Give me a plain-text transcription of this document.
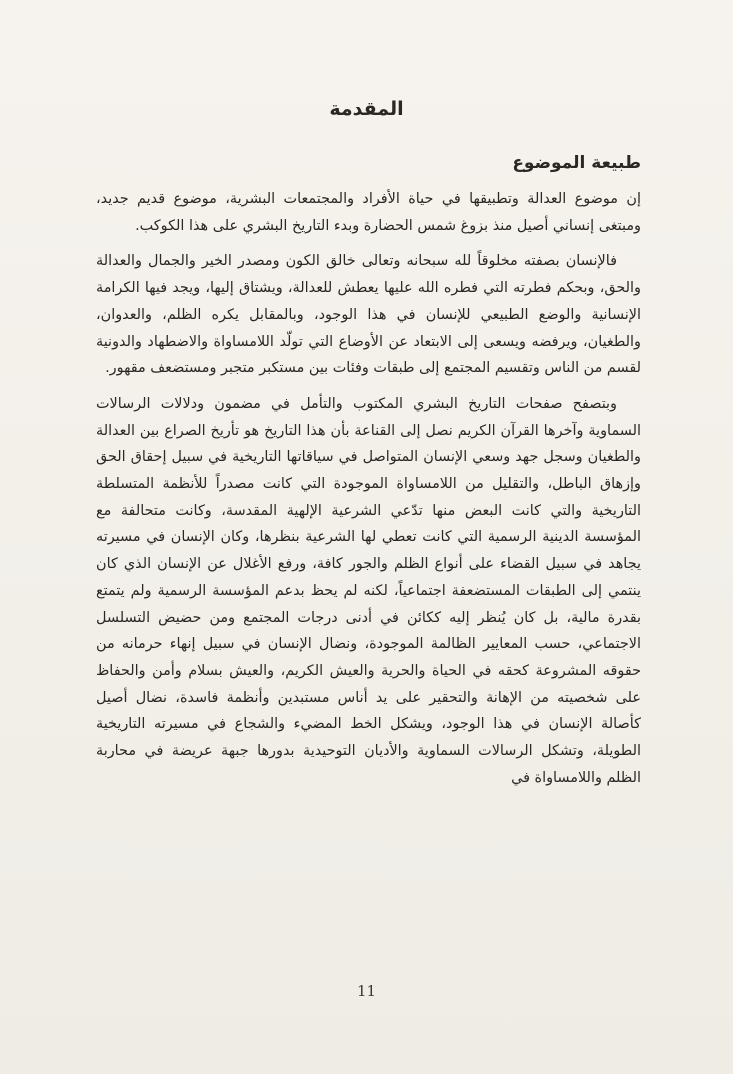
المقدمة
طبيعة الموضوع

إن موضوع العدالة وتطبيقها في حياة الأفراد والمجتمعات البشرية، موضوع قديم جديد، ومبتغى إنساني أصيل منذ بزوغ شمس الحضارة وبدء التاريخ البشري على هذا الكوكب.

فالإنسان بصفته مخلوقاً لله سبحانه وتعالى خالق الكون ومصدر الخير والجمال والعدالة والحق، وبحكم فطرته التي فطره الله عليها يعطش للعدالة، ويشتاق إليها، ويجد فيها الكرامة الإنسانية والوضع الطبيعي للإنسان في هذا الوجود، وبالمقابل يكره الظلم، والعدوان، والطغيان، ويرفضه ويسعى إلى الابتعاد عن الأوضاع التي تولّد اللامساواة والاضطهاد والدونية لقسم من الناس وتقسيم المجتمع إلى طبقات وفئات بين مستكبر متجبر ومستضعف مقهور.

وبتصفح صفحات التاريخ البشري المكتوب والتأمل في مضمون ودلالات الرسالات السماوية وآخرها القرآن الكريم نصل إلى القناعة بأن هذا التاريخ هو تأريخ الصراع بين العدالة والطغيان وسجل جهد وسعي الإنسان المتواصل في سياقاتها التاريخية في سبيل إحقاق الحق وإزهاق الباطل، والتقليل من اللامساواة الموجودة التي كانت مصدراً للأنظمة المتسلطة التاريخية والتي كانت البعض منها تدّعي الشرعية الإلهية المقدسة، وكانت متحالفة مع المؤسسة الدينية الرسمية التي كانت تعطي لها الشرعية بنظرها، وكان الإنسان في مسيرته يجاهد في سبيل القضاء على أنواع الظلم والجور كافة، ورفع الأغلال عن الإنسان الذي كان ينتمي إلى الطبقات المستضعفة اجتماعياً، لكنه لم يحظ بدعم المؤسسة الرسمية ولم يتمتع بقدرة مالية، بل كان يُنظر إليه ككائن في أدنى درجات المجتمع ومن حضيض التسلسل الاجتماعي، حسب المعايير الظالمة الموجودة، ونضال الإنسان في سبيل إنهاء حرمانه من حقوقه المشروعة كحقه في الحياة والحرية والعيش الكريم، والعيش بسلام وأمن والحفاظ على شخصيته من الإهانة والتحقير على يد أناس مستبدين وأنظمة فاسدة، نضال أصيل كأصالة الإنسان في هذا الوجود، ويشكل الخط المضيء والشجاع في مسيرته التاريخية الطويلة، وتشكل الرسالات السماوية والأديان التوحيدية بدورها جبهة عريضة في محاربة الظلم واللامساواة في

11
